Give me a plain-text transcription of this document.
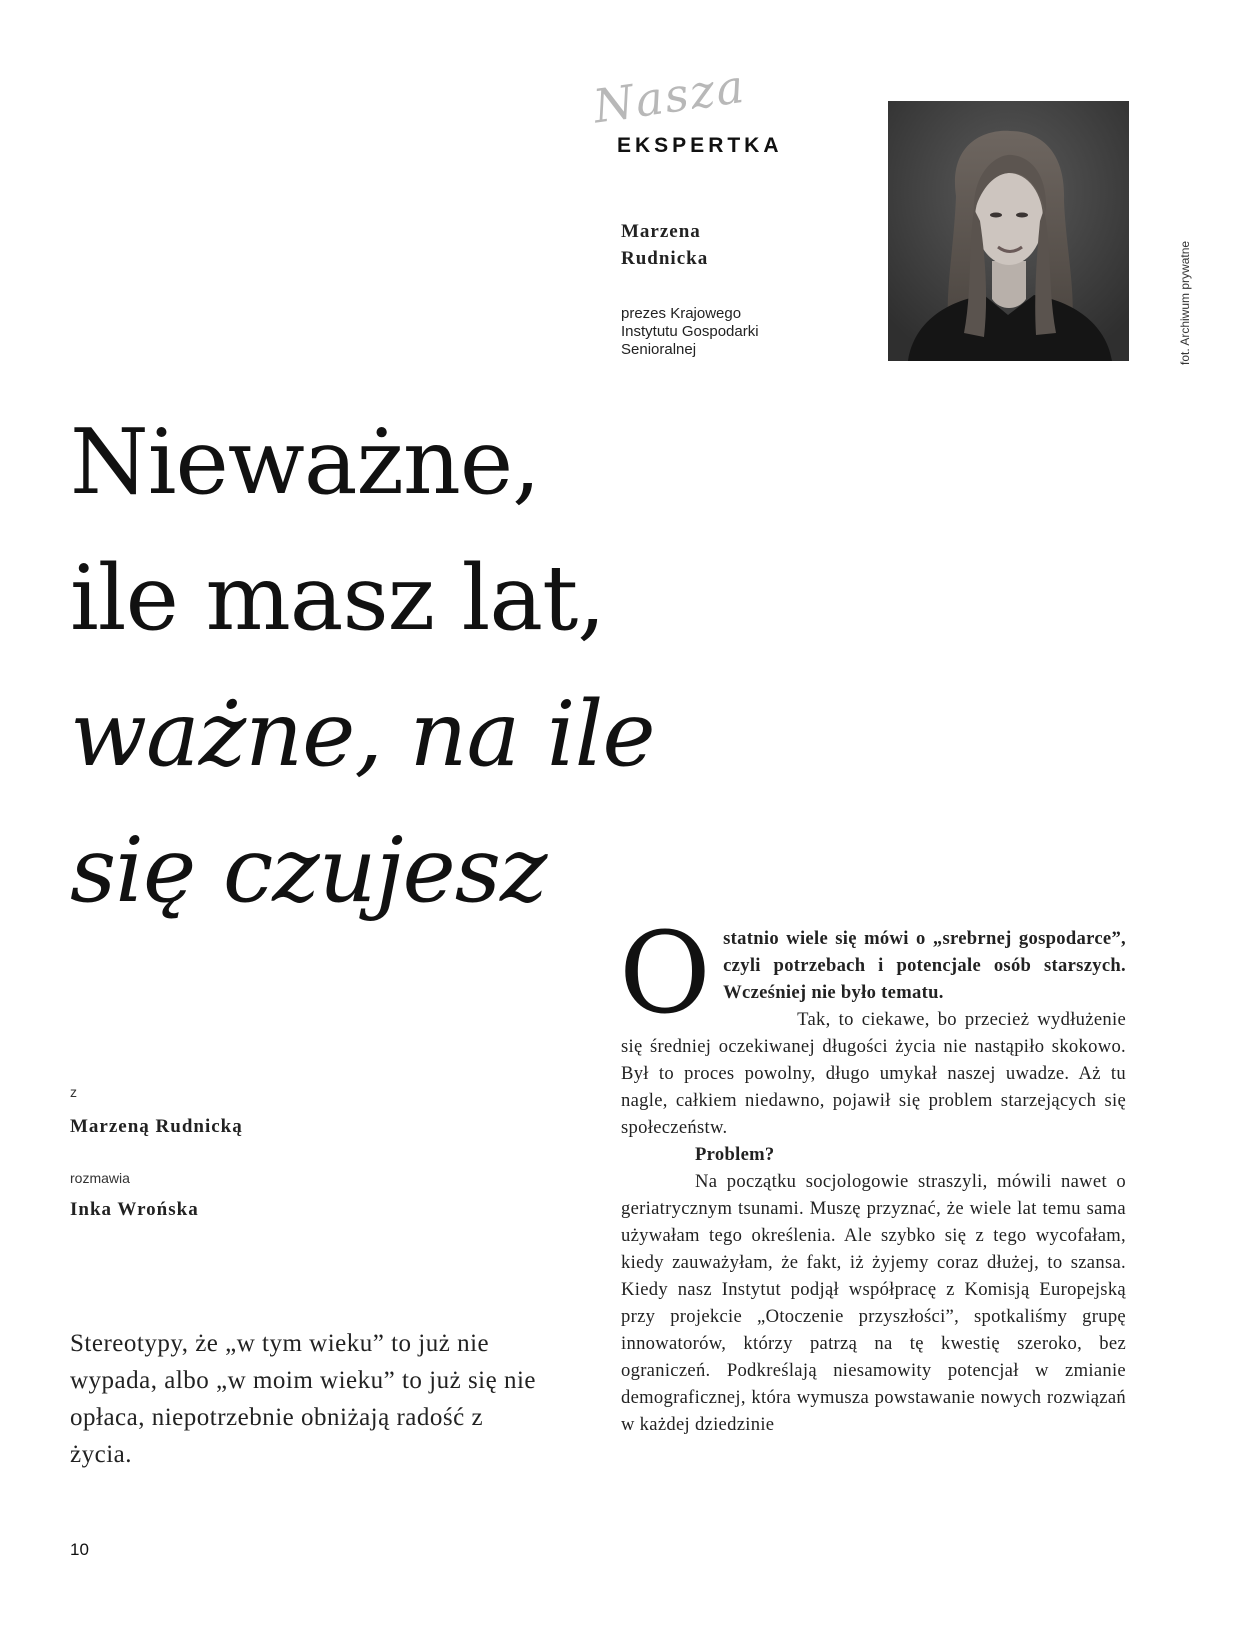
Nasza
EKSPERTKA
Marzena
Rudnicka
prezes Krajowego
Instytutu Gospodarki
Senioralnej	fot. Archiwum prywatne
Nieważne,
ile masz lat,
ważne, na ile
się czujesz
z
Marzeną Rudnicką
rozmawia
Inka Wrońska
Stereotypy, że „w tym wieku” to już nie wypada, albo „w moim wieku” to już się nie opłaca, niepotrzebnie obniżają radość z życia.
O statnio wiele się mówi o „srebrnej gospodarce”, czyli potrzebach i potencjale osób starszych. Wcześniej nie było tematu.

Tak, to ciekawe, bo przecież wydłużenie się średniej oczekiwanej długości życia nie nastąpiło skokowo. Był to proces powolny, długo umykał naszej uwadze. Aż tu nagle, całkiem niedawno, pojawił się problem starzejących się społeczeństw.

Problem?

Na początku socjologowie straszyli, mówili nawet o geriatrycznym tsunami. Muszę przyznać, że wiele lat temu sama używałam tego określenia. Ale szybko się z tego wycofałam, kiedy zauważyłam, że fakt, iż żyjemy coraz dłużej, to szansa. Kiedy nasz Instytut podjął współpracę z Komisją Europejską przy projekcie „Otoczenie przyszłości”, spotkaliśmy grupę innowatorów, którzy patrzą na tę kwestię szeroko, bez ograniczeń. Podkreślają niesamowity potencjał w zmianie demograficznej, która wymusza powstawanie nowych rozwiązań w każdej dziedzinie

10
